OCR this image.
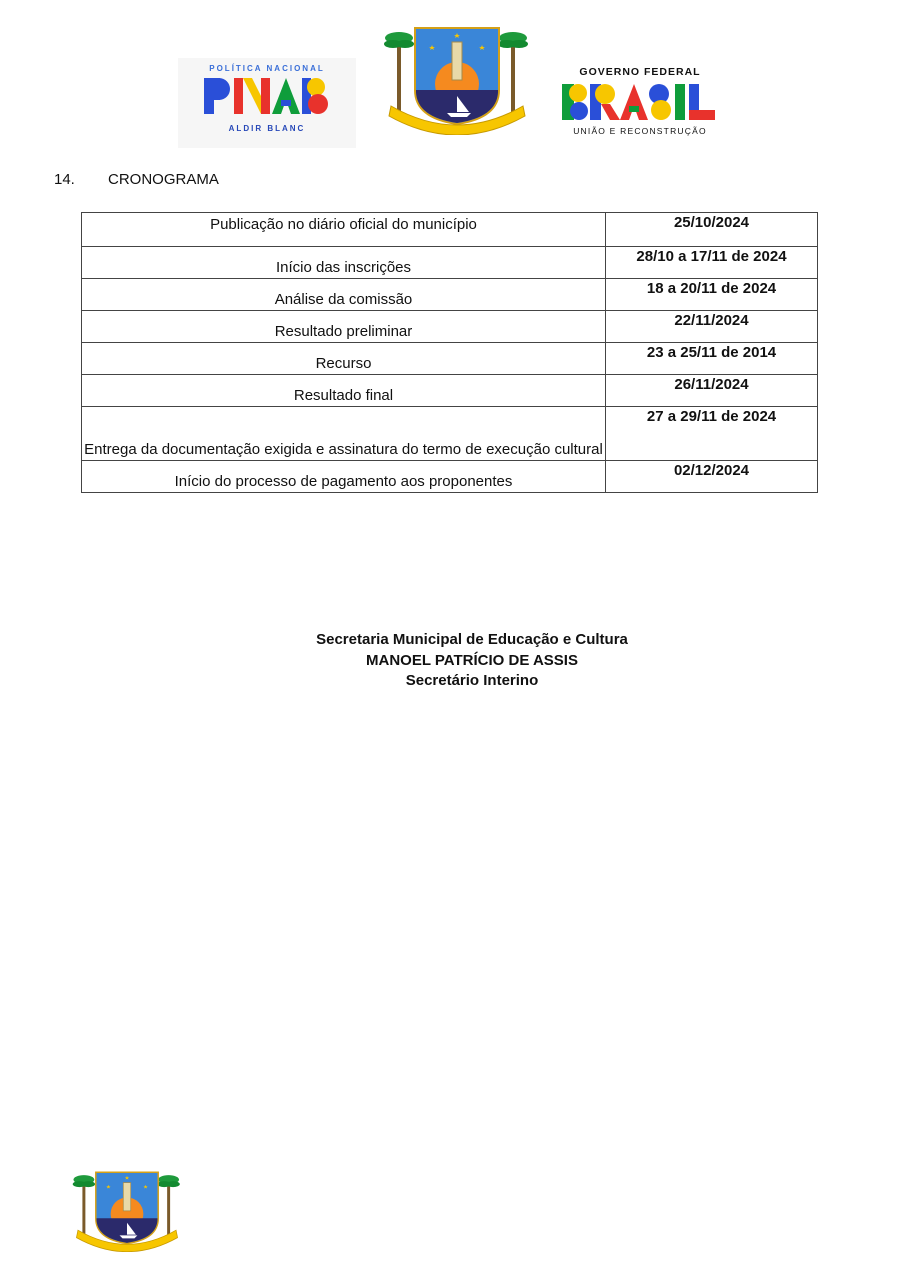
POLÍTICA NACIONAL
ALDIR BLANC
GOVERNO FEDERAL
UNIÃO E RECONSTRUÇÃO
14. CRONOGRAMA
Publicação no diário oficial do município	25/10/2024
Início das inscrições	28/10 a 17/11 de 2024
Análise da comissão	18 a 20/11 de 2024
Resultado preliminar	22/11/2024
Recurso	23 a 25/11 de 2014
Resultado final	26/11/2024
Entrega da documentação exigida e assinatura do termo de execução cultural	27 a 29/11 de 2024
Início do processo de pagamento aos proponentes	02/12/2024
Secretaria Municipal de Educação e Cultura
MANOEL PATRÍCIO DE ASSIS
Secretário Interino
